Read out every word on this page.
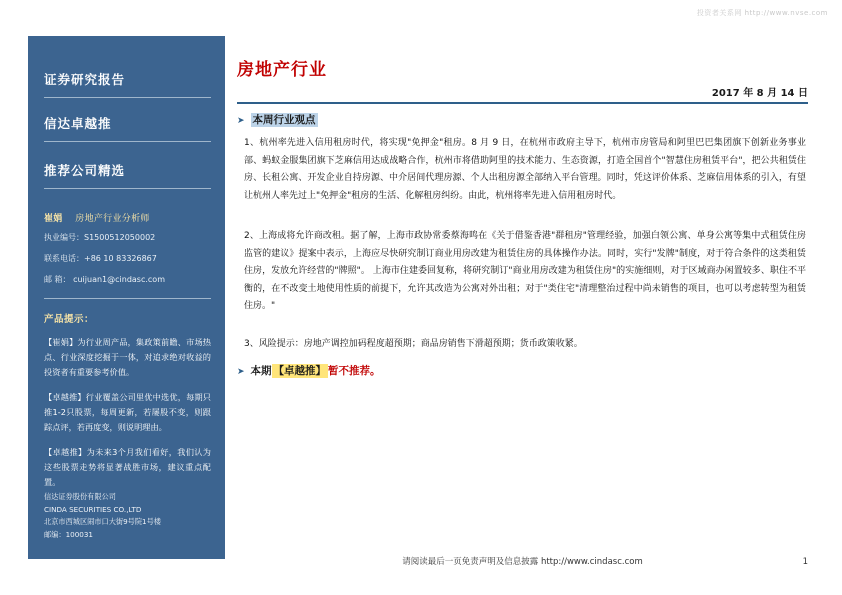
投资者关系网 http://www.nvse.com
证券研究报告
信达卓越推
推荐公司精选
崔娟 房地产行业分析师
执业编号：S1500512050002
联系电话：+86 10 83326867
邮 箱： cuijuan1@cindasc.com
产品提示：
【崔娟】为行业周产品，集政策前瞻、市场热点、行业深度挖掘于一体，对追求绝对收益的投资者有重要参考价值。
【卓越推】行业覆盖公司里优中选优，每期只推1-2只股票，每周更新，若屡股不变，则跟踪点评，若再度变，则说明理由。
【卓越推】为未来3个月我们看好，我们认为这些股票走势将显著战胜市场，建议重点配置。
信达证券股份有限公司
CINDA SECURITIES CO.,LTD
北京市西城区闹市口大街9号院1号楼
邮编：100031
房地产行业
2017 年 8 月 14 日
➤ 本周行业观点
1、杭州率先进入信用租房时代，将实现"免押金"租房。8 月 9 日，在杭州市政府主导下，杭州市房管局和阿里巴巴集团旗下创新业务事业部、蚂蚁金服集团旗下芝麻信用达成战略合作，杭州市将借助阿里的技术能力、生态资源，打造全国首个"智慧住房租赁平台"，把公共租赁住房、长租公寓、开发企业自持房源、中介居间代理房源、个人出租房源全部纳入平台管理。同时，凭这评价体系、芝麻信用体系的引入，有望让杭州人率先过上"免押金"租房的生活、化解租房纠纷。由此，杭州将率先进入信用租房时代。
2、上海成将允许商改租。据了解，上海市政协常委蔡海鸣在《关于借鉴香港"群租房"管理经验，加强白领公寓、单身公寓等集中式租赁住房监管的建议》提案中表示，上海应尽快研究制订商业用房改建为租赁住房的具体操作办法。同时，实行"发牌"制度，对于符合条件的这类租赁住房，发放允许经营的"牌照"。 上海市住建委回复称，将研究制订"商业用房改建为租赁住房"的实施细则，对于区域商办闲置较多、职住不平衡的，在不改变土地使用性质的前提下，允许其改造为公寓对外出租；对于"类住宅"清理整治过程中尚未销售的项目，也可以考虑转型为租赁住房。"
3、风险提示：房地产调控加码程度超预期；商品房销售下滑超预期；货币政策收紧。
➤ 本期 【卓越推】 暂不推荐。
请阅读最后一页免责声明及信息披露 http://www.cindasc.com	1
